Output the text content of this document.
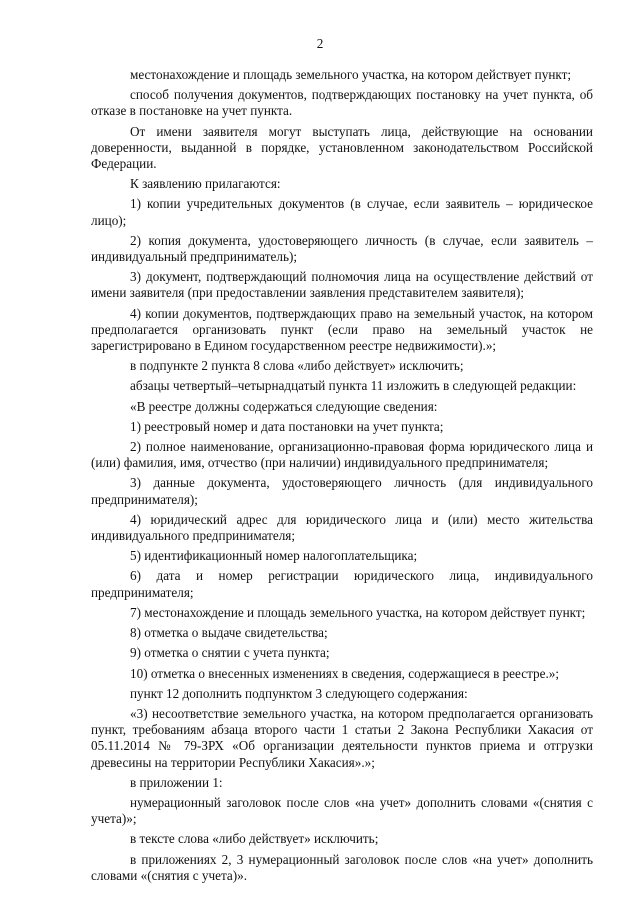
2

местонахождение и площадь земельного участка, на котором действует пункт;

способ получения документов, подтверждающих постановку на учет пункта, об отказе в постановке на учет пункта.

От имени заявителя могут выступать лица, действующие на основании доверенности, выданной в порядке, установленном законодательством Российской Федерации.

К заявлению прилагаются:

1) копии учредительных документов (в случае, если заявитель – юридическое лицо);

2) копия документа, удостоверяющего личность (в случае, если заявитель – индивидуальный предприниматель);

3) документ, подтверждающий полномочия лица на осуществление действий от имени заявителя (при предоставлении заявления представителем заявителя);

4) копии документов, подтверждающих право на земельный участок, на котором предполагается организовать пункт (если право на земельный участок не зарегистрировано в Едином государственном реестре недвижимости).»;

в подпункте 2 пункта 8 слова «либо действует» исключить;

абзацы четвертый–четырнадцатый пункта 11 изложить в следующей редакции:

«В реестре должны содержаться следующие сведения:

1) реестровый номер и дата постановки на учет пункта;

2) полное наименование, организационно-правовая форма юридического лица и (или) фамилия, имя, отчество (при наличии) индивидуального предпринимателя;

3) данные документа, удостоверяющего личность (для индивидуального предпринимателя);

4) юридический адрес для юридического лица и (или) место жительства индивидуального предпринимателя;

5) идентификационный номер налогоплательщика;

6) дата и номер регистрации юридического лица, индивидуального предпринимателя;

7) местонахождение и площадь земельного участка, на котором действует пункт;

8) отметка о выдаче свидетельства;

9) отметка о снятии с учета пункта;

10) отметка о внесенных изменениях в сведения, содержащиеся в реестре.»;

пункт 12 дополнить подпунктом 3 следующего содержания:

«3) несоответствие земельного участка, на котором предполагается организовать пункт, требованиям абзаца второго части 1 статьи 2 Закона Республики Хакасия от 05.11.2014 № 79-ЗРХ «Об организации деятельности пунктов приема и отгрузки древесины на территории Республики Хакасия».»;

в приложении 1:

нумерационный заголовок после слов «на учет» дополнить словами «(снятия с учета)»;

в тексте слова «либо действует» исключить;

в приложениях 2, 3 нумерационный заголовок после слов «на учет» дополнить словами «(снятия с учета)».
